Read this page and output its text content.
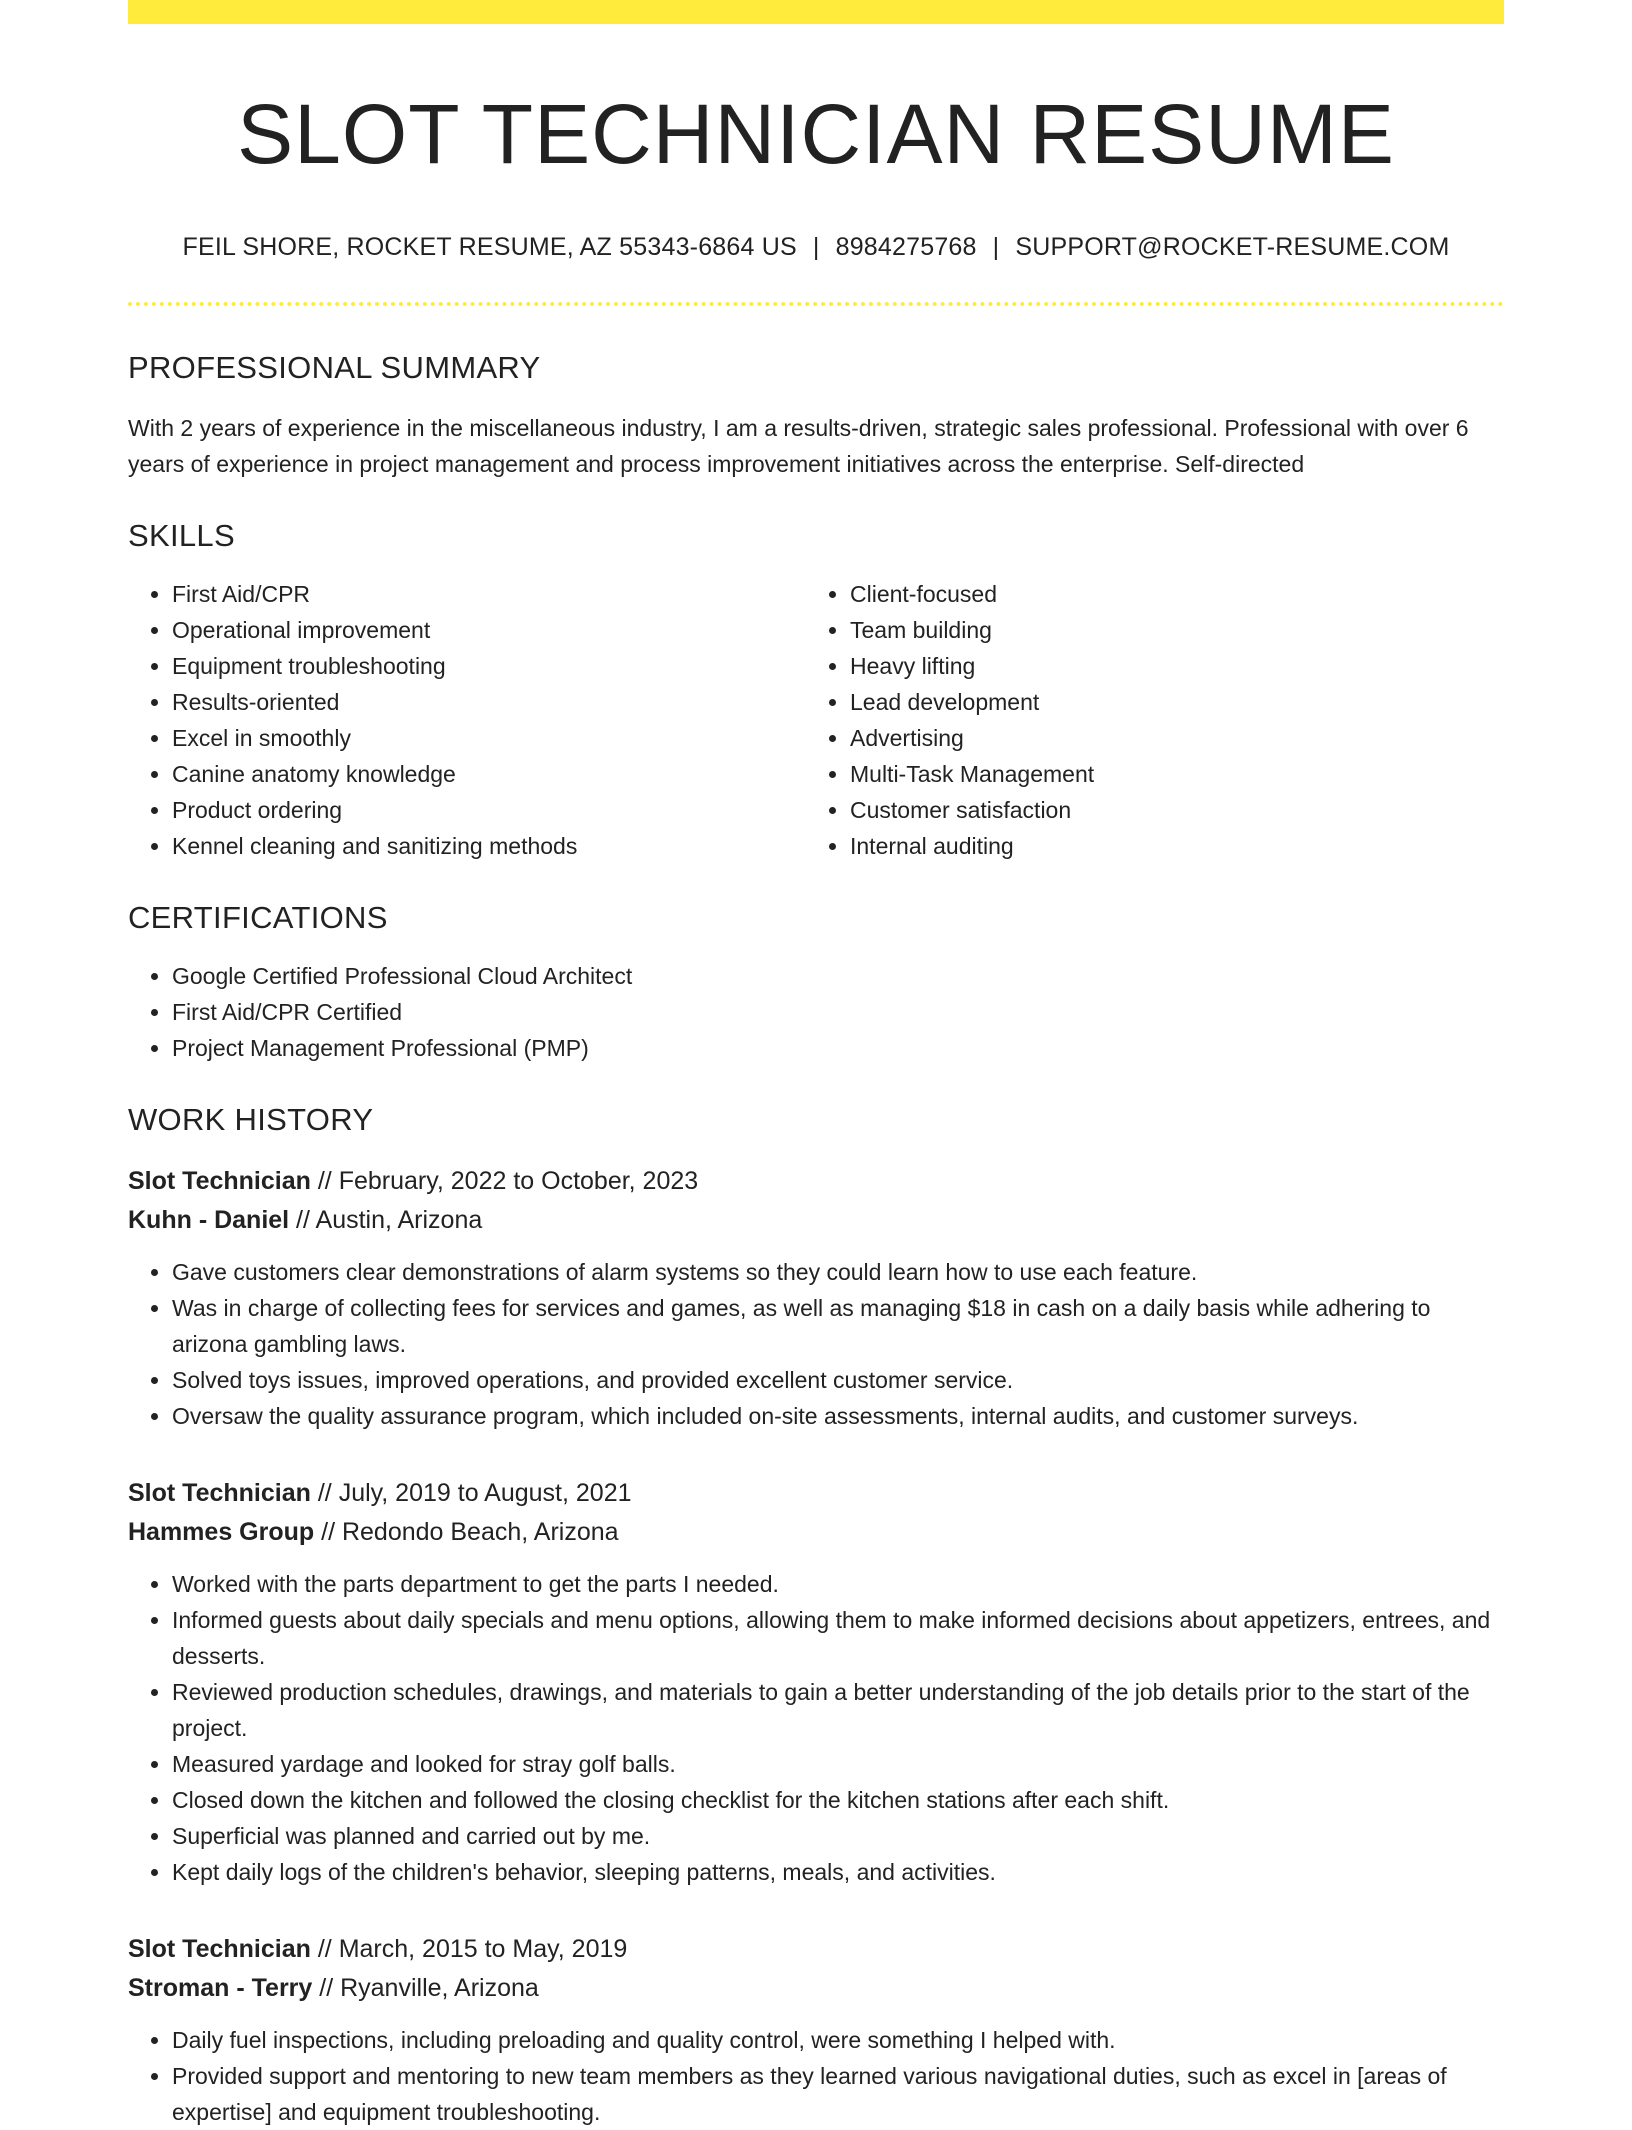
SLOT TECHNICIAN RESUME
FEIL SHORE, ROCKET RESUME, AZ 55343-6864 US | 8984275768 | SUPPORT@ROCKET-RESUME.COM
PROFESSIONAL SUMMARY
With 2 years of experience in the miscellaneous industry, I am a results-driven, strategic sales professional. Professional with over 6 years of experience in project management and process improvement initiatives across the enterprise. Self-directed
SKILLS
• First Aid/CPR
• Operational improvement
• Equipment troubleshooting
• Results-oriented
• Excel in smoothly
• Canine anatomy knowledge
• Product ordering
• Kennel cleaning and sanitizing methods
• Client-focused
• Team building
• Heavy lifting
• Lead development
• Advertising
• Multi-Task Management
• Customer satisfaction
• Internal auditing
CERTIFICATIONS
• Google Certified Professional Cloud Architect
• First Aid/CPR Certified
• Project Management Professional (PMP)
WORK HISTORY
Slot Technician // February, 2022 to October, 2023
Kuhn - Daniel // Austin, Arizona
• Gave customers clear demonstrations of alarm systems so they could learn how to use each feature.
• Was in charge of collecting fees for services and games, as well as managing $18 in cash on a daily basis while adhering to arizona gambling laws.
• Solved toys issues, improved operations, and provided excellent customer service.
• Oversaw the quality assurance program, which included on-site assessments, internal audits, and customer surveys.
Slot Technician // July, 2019 to August, 2021
Hammes Group // Redondo Beach, Arizona
• Worked with the parts department to get the parts I needed.
• Informed guests about daily specials and menu options, allowing them to make informed decisions about appetizers, entrees, and desserts.
• Reviewed production schedules, drawings, and materials to gain a better understanding of the job details prior to the start of the project.
• Measured yardage and looked for stray golf balls.
• Closed down the kitchen and followed the closing checklist for the kitchen stations after each shift.
• Superficial was planned and carried out by me.
• Kept daily logs of the children's behavior, sleeping patterns, meals, and activities.
Slot Technician // March, 2015 to May, 2019
Stroman - Terry // Ryanville, Arizona
• Daily fuel inspections, including preloading and quality control, were something I helped with.
• Provided support and mentoring to new team members as they learned various navigational duties, such as excel in [areas of expertise] and equipment troubleshooting.
